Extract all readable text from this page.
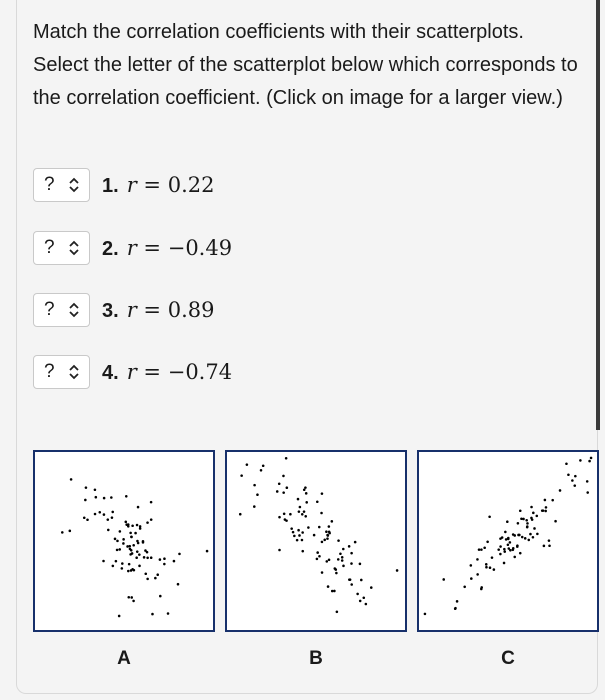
Match the correlation coefficients with their scatterplots. Select the letter of the scatterplot below which corresponds to the correlation coefficient. (Click on image for a larger view.)

? 1. r = 0.22
? 2. r = −0.49
? 3. r = 0.89
? 4. r = −0.74
A	B	C
